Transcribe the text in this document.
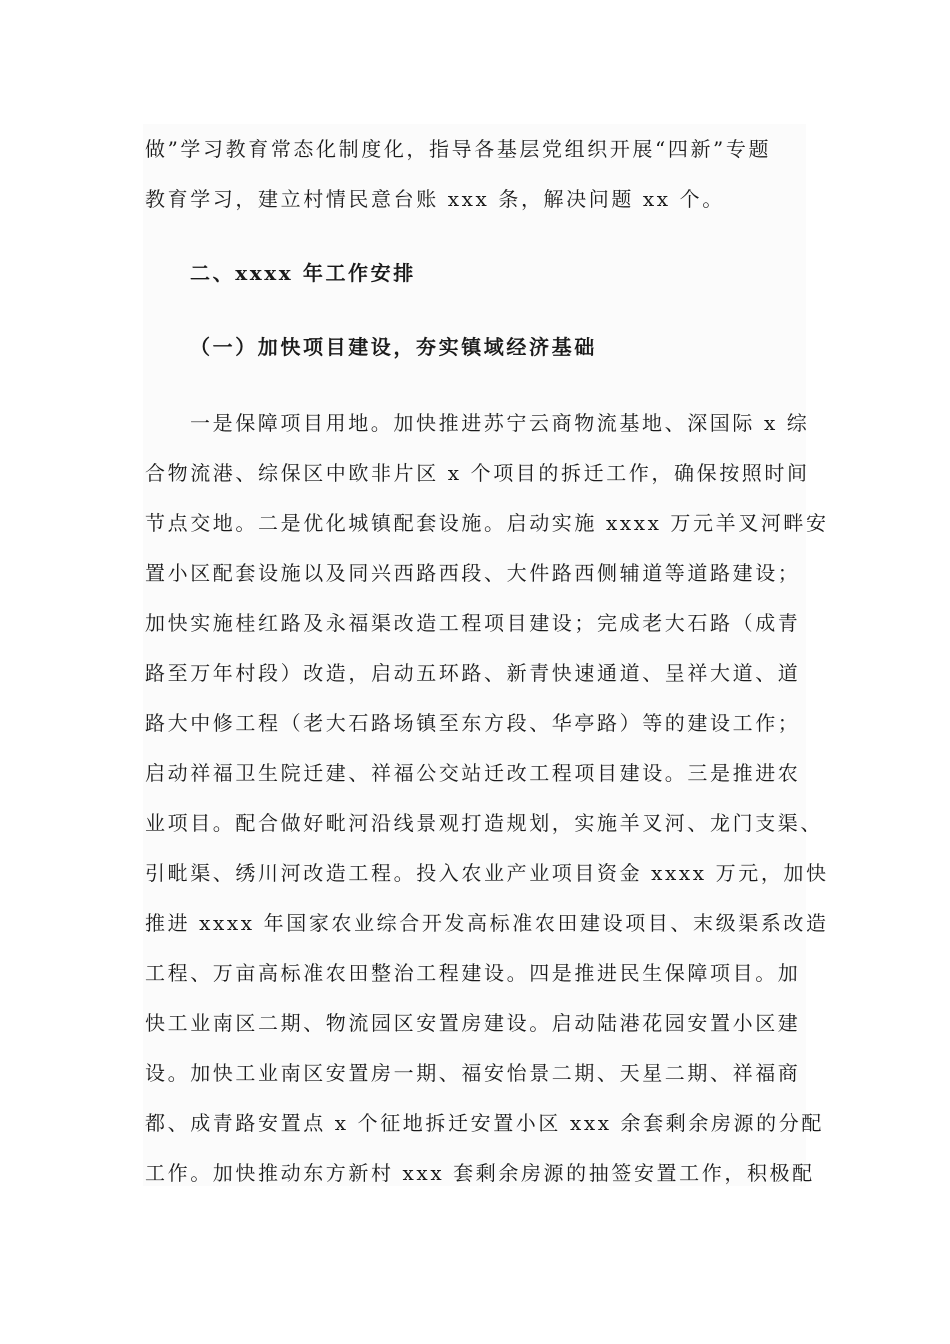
做”学习教育常态化制度化，指导各基层党组织开展“四新”专题
教育学习，建立村情民意台账 xxx 条，解决问题 xx 个。
二、xxxx 年工作安排
（一）加快项目建设，夯实镇域经济基础
一是保障项目用地。加快推进苏宁云商物流基地、深国际 x 综
合物流港、综保区中欧非片区 x 个项目的拆迁工作，确保按照时间
节点交地。二是优化城镇配套设施。启动实施 xxxx 万元羊叉河畔安
置小区配套设施以及同兴西路西段、大件路西侧辅道等道路建设；
加快实施桂红路及永福渠改造工程项目建设；完成老大石路（成青
路至万年村段）改造，启动五环路、新青快速通道、呈祥大道、道
路大中修工程（老大石路场镇至东方段、华亭路）等的建设工作；
启动祥福卫生院迁建、祥福公交站迁改工程项目建设。三是推进农
业项目。配合做好毗河沿线景观打造规划，实施羊叉河、龙门支渠、
引毗渠、绣川河改造工程。投入农业产业项目资金 xxxx 万元，加快
推进 xxxx 年国家农业综合开发高标准农田建设项目、末级渠系改造
工程、万亩高标准农田整治工程建设。四是推进民生保障项目。加
快工业南区二期、物流园区安置房建设。启动陆港花园安置小区建
设。加快工业南区安置房一期、福安怡景二期、天星二期、祥福商
都、成青路安置点 x 个征地拆迁安置小区 xxx 余套剩余房源的分配
工作。加快推动东方新村 xxx 套剩余房源的抽签安置工作，积极配
